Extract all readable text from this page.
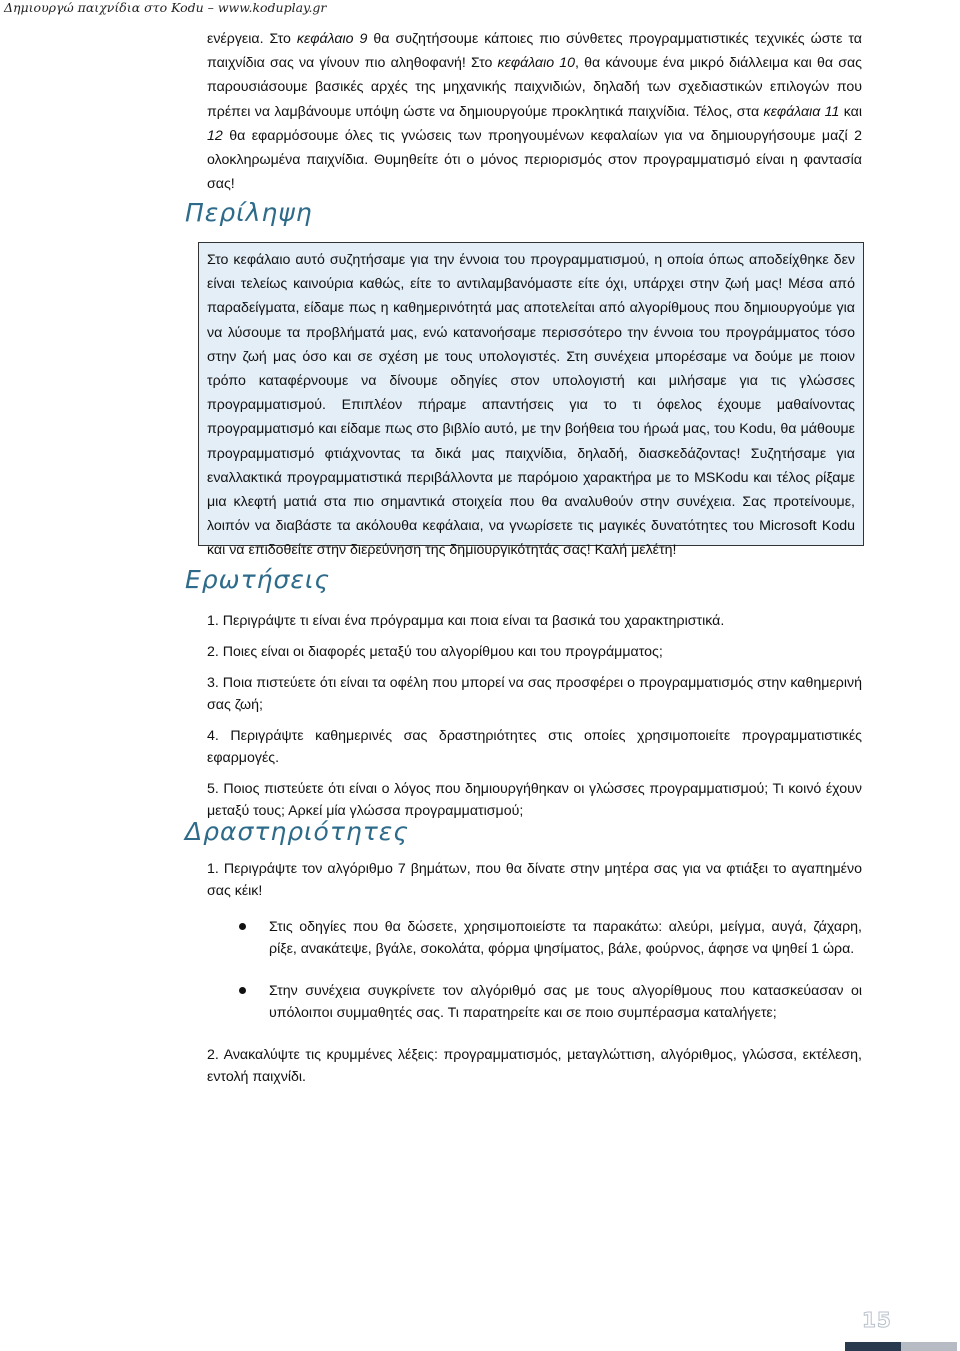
Δημιουργώ παιχνίδια στο Kodu – www.koduplay.gr

ενέργεια. Στο κεφάλαιο 9 θα συζητήσουμε κάποιες πιο σύνθετες προγραμματιστικές τεχνικές ώστε τα παιχνίδια σας να γίνουν πιο αληθοφανή! Στο κεφάλαιο 10, θα κάνουμε ένα μικρό διάλλειμα και θα σας παρουσιάσουμε βασικές αρχές της μηχανικής παιχνιδιών, δηλαδή των σχεδιαστικών επιλογών που πρέπει να λαμβάνουμε υπόψη ώστε να δημιουργούμε προκλητικά παιχνίδια. Τέλος, στα κεφάλαια 11 και 12 θα εφαρμόσουμε όλες τις γνώσεις των προηγουμένων κεφαλαίων για να δημιουργήσουμε μαζί 2 ολοκληρωμένα παιχνίδια. Θυμηθείτε ότι ο μόνος περιορισμός στον προγραμματισμό είναι η φαντασία σας!

Περίληψη

Στο κεφάλαιο αυτό συζητήσαμε για την έννοια του προγραμματισμού, η οποία όπως αποδείχθηκε δεν είναι τελείως καινούρια καθώς, είτε το αντιλαμβανόμαστε είτε όχι, υπάρχει στην ζωή μας! Μέσα από παραδείγματα, είδαμε πως η καθημερινότητά μας αποτελείται από αλγορίθμους που δημιουργούμε για να λύσουμε τα προβλήματά μας, ενώ κατανοήσαμε περισσότερο την έννοια του προγράμματος τόσο στην ζωή μας όσο και σε σχέση με τους υπολογιστές. Στη συνέχεια μπορέσαμε να δούμε με ποιον τρόπο καταφέρνουμε να δίνουμε οδηγίες στον υπολογιστή και μιλήσαμε για τις γλώσσες προγραμματισμού. Επιπλέον πήραμε απαντήσεις για το τι όφελος έχουμε μαθαίνοντας προγραμματισμό και είδαμε πως στο βιβλίο αυτό, με την βοήθεια του ήρωά μας, του Kodu, θα μάθουμε προγραμματισμό φτιάχνοντας τα δικά μας παιχνίδια, δηλαδή, διασκεδάζοντας! Συζητήσαμε για εναλλακτικά προγραμματιστικά περιβάλλοντα με παρόμοιο χαρακτήρα με το MSKodu και τέλος ρίξαμε μια κλεφτή ματιά στα πιο σημαντικά στοιχεία που θα αναλυθούν στην συνέχεια. Σας προτείνουμε, λοιπόν να διαβάστε τα ακόλουθα κεφάλαια, να γνωρίσετε τις μαγικές δυνατότητες του Microsoft Kodu και να επιδοθείτε στην διερεύνηση της δημιουργικότητάς σας! Καλή μελέτη!

Ερωτήσεις

1. Περιγράψτε τι είναι ένα πρόγραμμα και ποια είναι τα βασικά του χαρακτηριστικά.

2. Ποιες είναι οι διαφορές μεταξύ του αλγορίθμου και του προγράμματος;

3. Ποια πιστεύετε ότι είναι τα οφέλη που μπορεί να σας προσφέρει ο προγραμματισμός στην καθημερινή σας ζωή;

4. Περιγράψτε καθημερινές σας δραστηριότητες στις οποίες χρησιμοποιείτε προγραμματιστικές εφαρμογές.

5. Ποιος πιστεύετε ότι είναι ο λόγος που δημιουργήθηκαν οι γλώσσες προγραμματισμού; Τι κοινό έχουν μεταξύ τους; Αρκεί μία γλώσσα προγραμματισμού;

Δραστηριότητες

1. Περιγράψτε τον αλγόριθμο 7 βημάτων, που θα δίνατε στην μητέρα σας για να φτιάξει το αγαπημένο σας κέικ!

Στις οδηγίες που θα δώσετε, χρησιμοποιείστε τα παρακάτω: αλεύρι, μείγμα, αυγά, ζάχαρη, ρίξε, ανακάτεψε, βγάλε, σοκολάτα, φόρμα ψησίματος, βάλε, φούρνος, άφησε να ψηθεί 1 ώρα.
Στην συνέχεια συγκρίνετε τον αλγόριθμό σας με τους αλγορίθμους που κατασκεύασαν οι υπόλοιποι συμμαθητές σας. Τι παρατηρείτε και σε ποιο συμπέρασμα καταλήγετε;

2. Ανακαλύψτε τις κρυμμένες λέξεις: προγραμματισμός, μεταγλώττιση, αλγόριθμος, γλώσσα, εκτέλεση, εντολή παιχνίδι.

15
